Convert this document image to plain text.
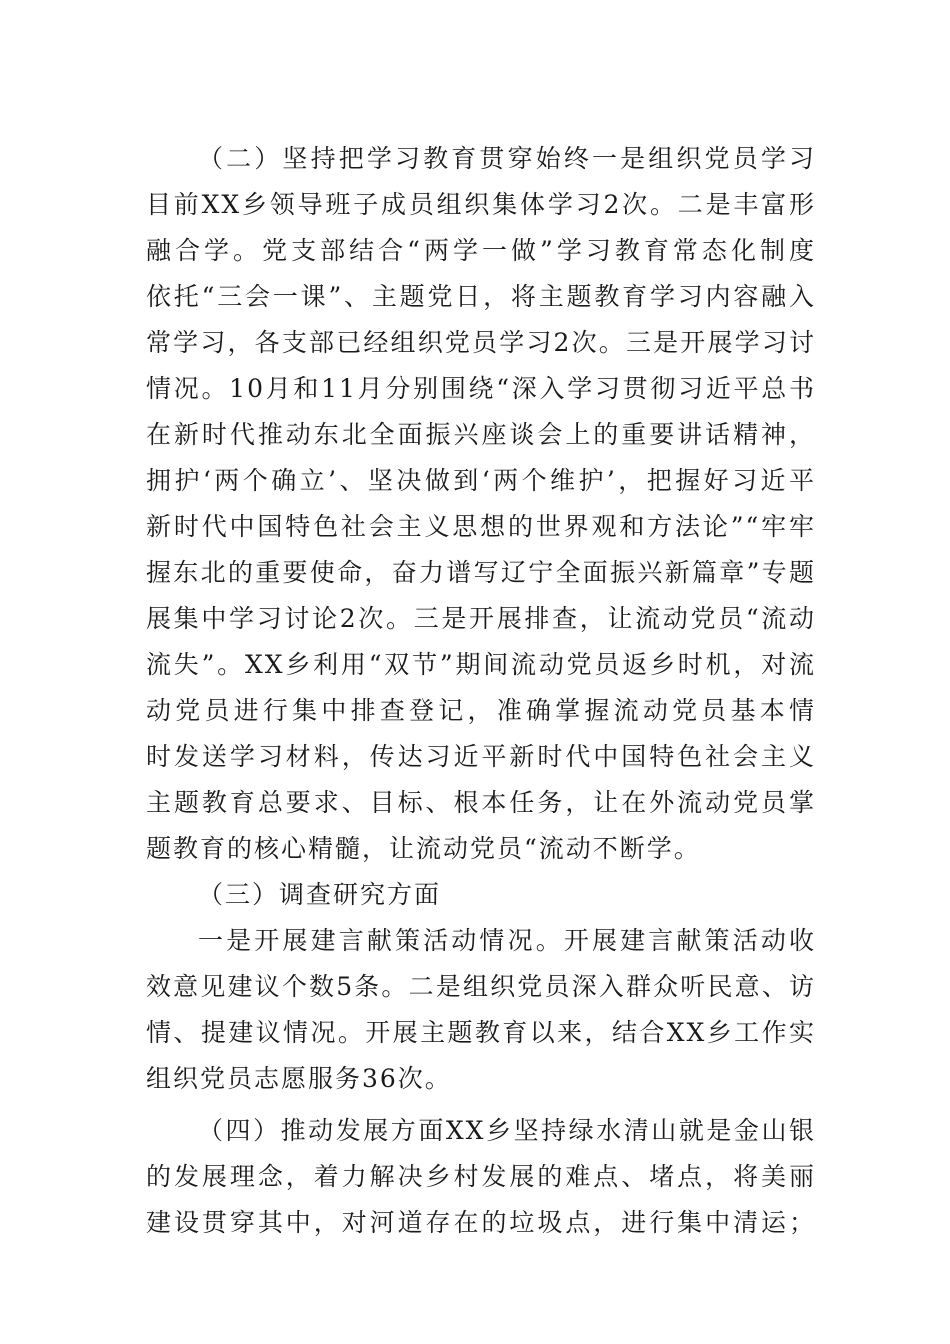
（二）坚持把学习教育贯穿始终一是组织党员学习
目前XX乡领导班子成员组织集体学习2次。二是丰富形
融合学。党支部结合“两学一做”学习教育常态化制度
依托“三会一课”、主题党日，将主题教育学习内容融入
常学习，各支部已经组织党员学习2次。三是开展学习讨
情况。10月和11月分别围绕“深入学习贯彻习近平总书
在新时代推动东北全面振兴座谈会上的重要讲话精神，
拥护‘两个确立’、坚决做到‘两个维护’，把握好习近平
新时代中国特色社会主义思想的世界观和方法论”“牢牢
握东北的重要使命，奋力谱写辽宁全面振兴新篇章”专题
展集中学习讨论2次。三是开展排查，让流动党员“流动
流失”。XX乡利用“双节”期间流动党员返乡时机，对流
动党员进行集中排查登记，准确掌握流动党员基本情
时发送学习材料，传达习近平新时代中国特色社会主义
主题教育总要求、目标、根本任务，让在外流动党员掌
题教育的核心精髓，让流动党员“流动不断学。
（三）调查研究方面
一是开展建言献策活动情况。开展建言献策活动收
效意见建议个数5条。二是组织党员深入群众听民意、访
情、提建议情况。开展主题教育以来，结合XX乡工作实
组织党员志愿服务36次。
（四）推动发展方面XX乡坚持绿水清山就是金山银
的发展理念，着力解决乡村发展的难点、堵点，将美丽
建设贯穿其中，对河道存在的垃圾点，进行集中清运；
